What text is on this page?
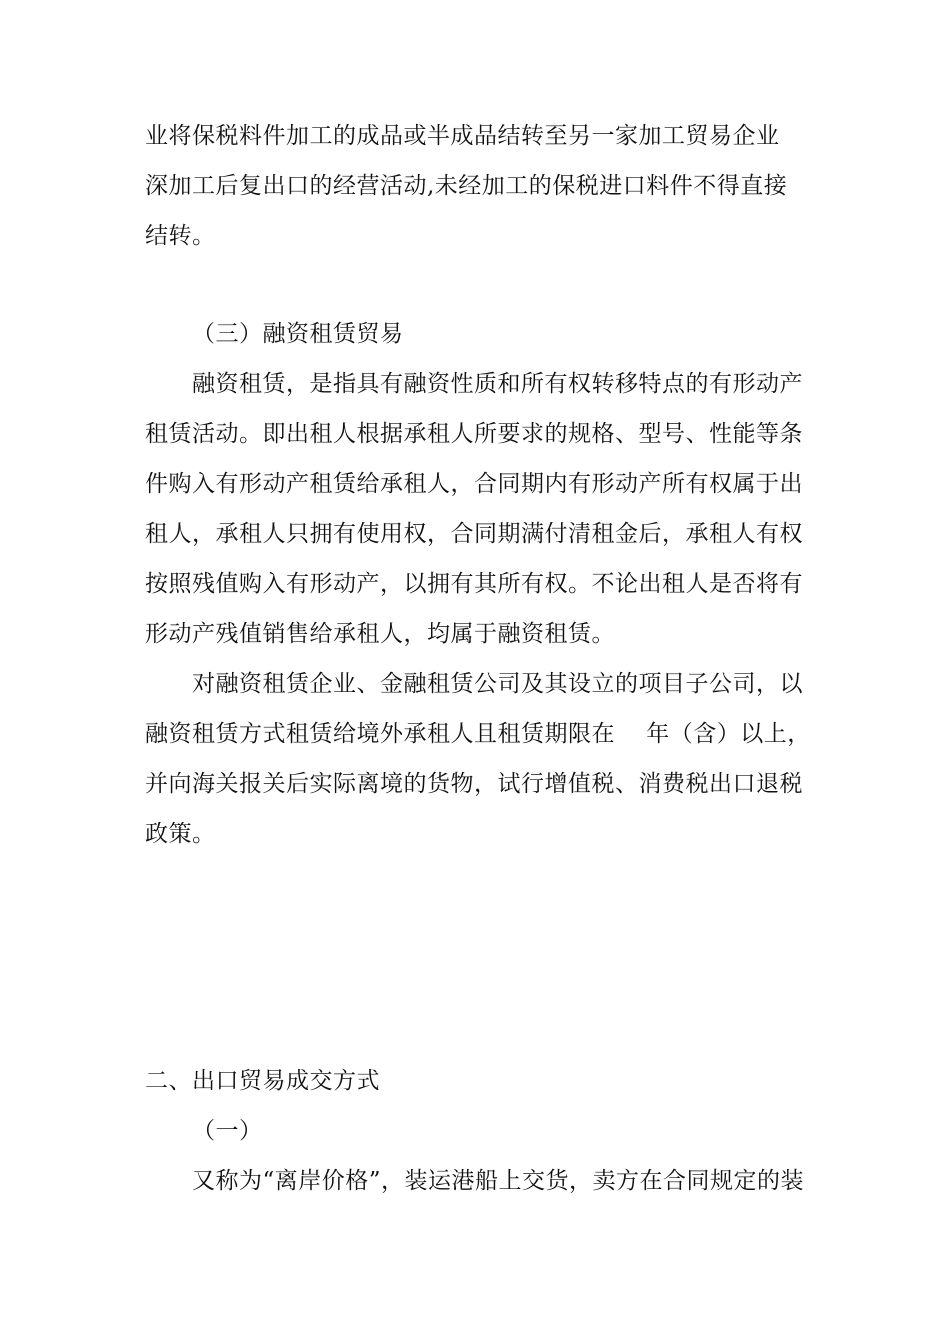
业将保税料件加工的成品或半成品结转至另一家加工贸易企业
深加工后复出口的经营活动,未经加工的保税进口料件不得直接
结转。
（三）融资租赁贸易
融资租赁，是指具有融资性质和所有权转移特点的有形动产
租赁活动。即出租人根据承租人所要求的规格、型号、性能等条
件购入有形动产租赁给承租人，合同期内有形动产所有权属于出
租人，承租人只拥有使用权，合同期满付清租金后，承租人有权
按照残值购入有形动产，以拥有其所有权。不论出租人是否将有
形动产残值销售给承租人，均属于融资租赁。
对融资租赁企业、金融租赁公司及其设立的项目子公司，以
融资租赁方式租赁给境外承租人且租赁期限在　 年（含）以上，
并向海关报关后实际离境的货物，试行增值税、消费税出口退税
政策。
二、出口贸易成交方式
（一）
又称为“离岸价格”，装运港船上交货，卖方在合同规定的装
